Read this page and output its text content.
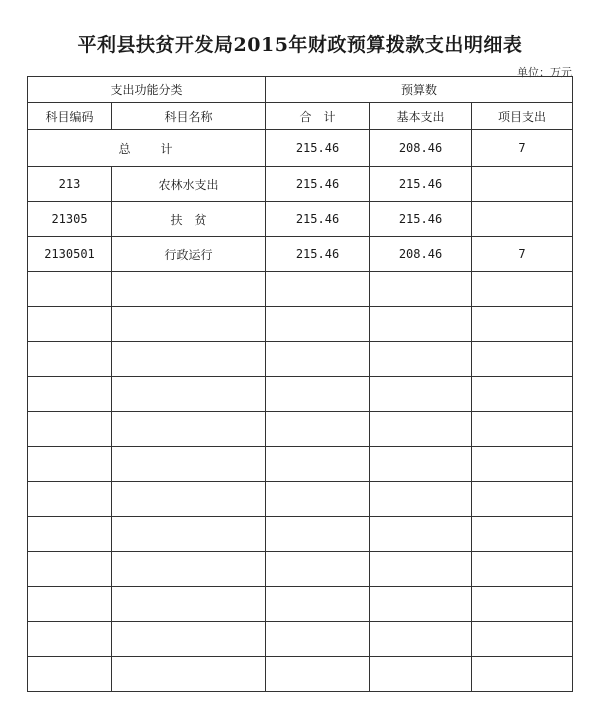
平利县扶贫开发局2015年财政预算拨款支出明细表
单位：万元
支出功能分类		预算数		
科目编码	科目名称	合　计	基本支出	项目支出
总　　计		215.46	208.46	7
213	农林水支出	215.46	215.46	
21305	扶　贫	215.46	215.46	
2130501	行政运行	215.46	208.46	7
